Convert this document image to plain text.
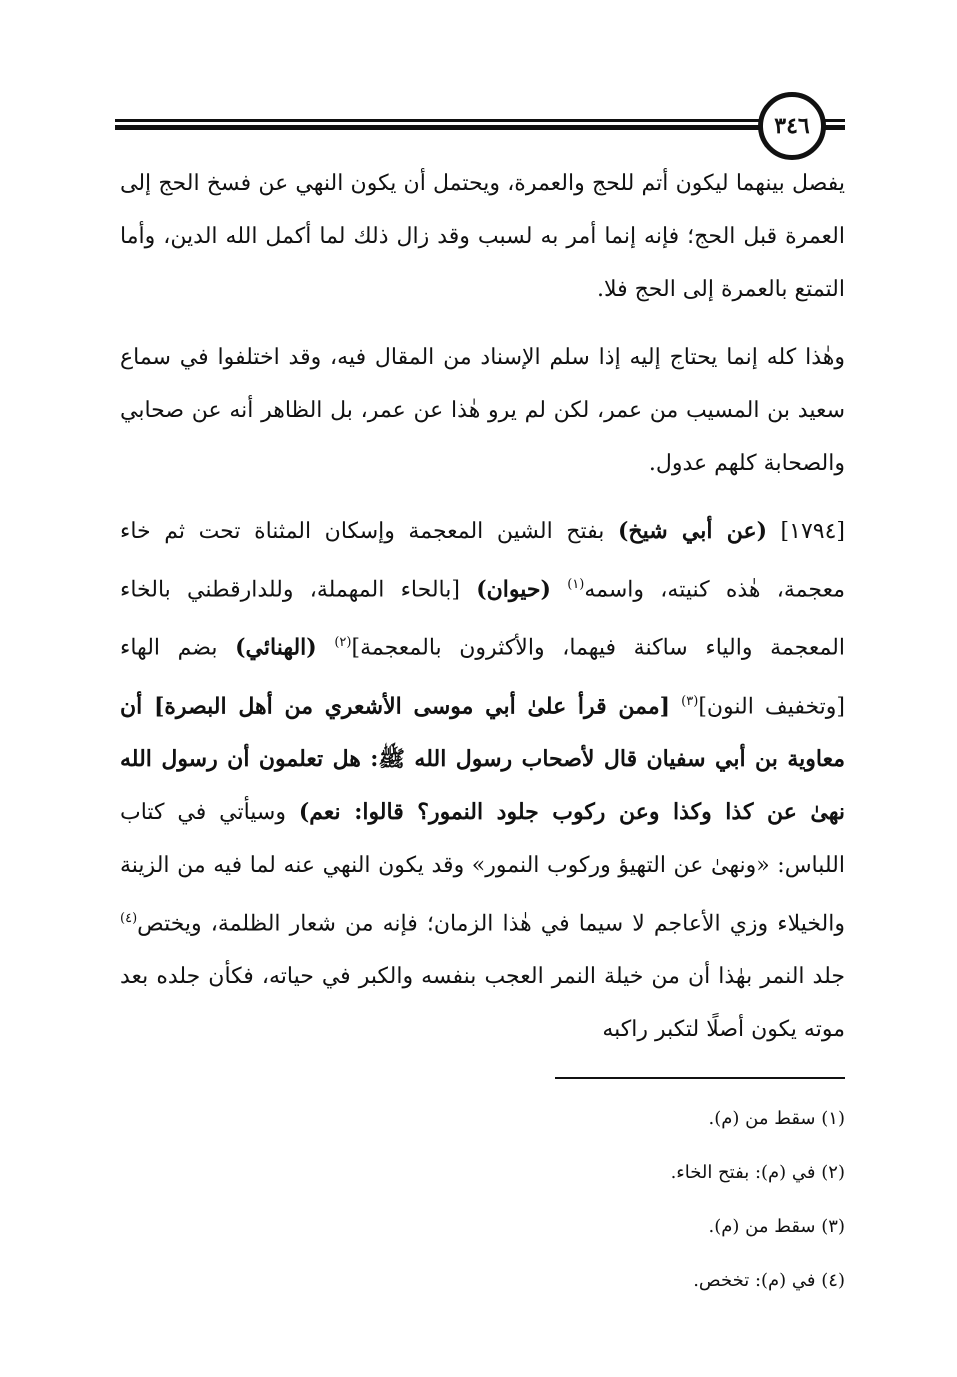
٣٤٦

يفصل بينهما ليكون أتم للحج والعمرة، ويحتمل أن يكون النهي عن فسخ الحج إلى العمرة قبل الحج؛ فإنه إنما أمر به لسبب وقد زال ذلك لما أكمل الله الدين، وأما التمتع بالعمرة إلى الحج فلا.

وهٰذا كله إنما يحتاج إليه إذا سلم الإسناد من المقال فيه، وقد اختلفوا في سماع سعيد بن المسيب من عمر، لكن لم يرو هٰذا عن عمر، بل الظاهر أنه عن صحابي والصحابة كلهم عدول.

[١٧٩٤] (عن أبي شيخ) بفتح الشين المعجمة وإسكان المثناة تحت ثم خاء معجمة، هٰذه كنيته، واسمه$^{(١)}$ (حيوان) [بالحاء المهملة، وللدارقطني بالخاء المعجمة والياء ساكنة فيهما، والأكثرون بالمعجمة]$^{(٢)}$ (الهنائي) بضم الهاء [وتخفيف النون]$^{(٣)}$ [ممن قرأ علىٰ أبي موسى الأشعري من أهل البصرة] أن معاوية بن أبي سفيان قال لأصحاب رسول الله ﷺ: هل تعلمون أن رسول الله نهىٰ عن كذا وكذا وعن ركوب جلود النمور؟ قالوا: نعم) وسيأتي في كتاب اللباس: «ونهىٰ عن التهيؤ وركوب النمور» وقد يكون النهي عنه لما فيه من الزينة والخيلاء وزي الأعاجم لا سيما في هٰذا الزمان؛ فإنه من شعار الظلمة، ويختص$^{(٤)}$ جلد النمر بهٰذا أن من خيلة النمر العجب بنفسه والكبر في حياته، فكأن جلده بعد موته يكون أصلًا لتكبر راكبه

(١) سقط من (م).
(٢) في (م): بفتح الخاء.
(٣) سقط من (م).
(٤) في (م): تخخص.
